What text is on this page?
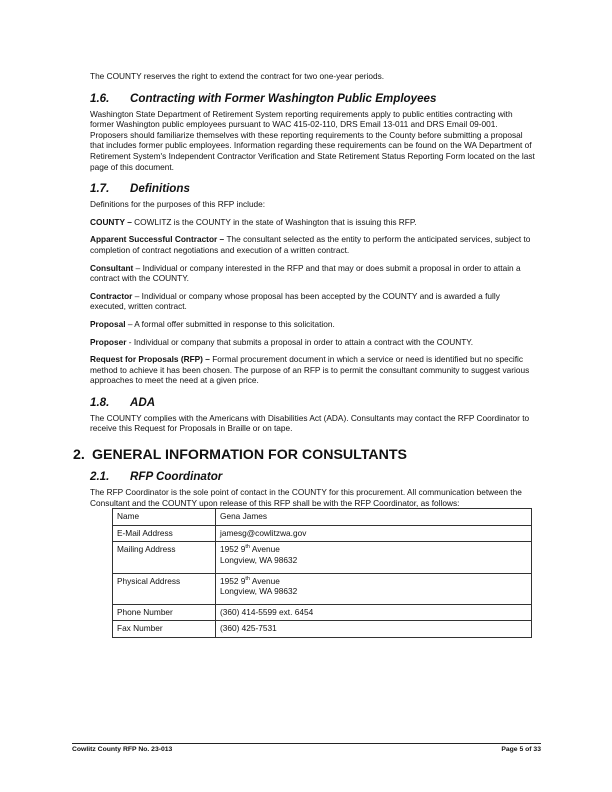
The COUNTY reserves the right to extend the contract for two one-year periods.

1.6.	Contracting with Former Washington Public Employees

Washington State Department of Retirement System reporting requirements apply to public entities contracting with former Washington public employees pursuant to WAC 415-02-110, DRS Email 13-011 and DRS Email 09-001. Proposers should familiarize themselves with these reporting requirements to the County before submitting a proposal that includes former public employees. Information regarding these requirements can be found on the WA Department of Retirement System's Independent Contractor Verification and State Retirement Status Reporting Form located on the last page of this document.

1.7.	Definitions

Definitions for the purposes of this RFP include:

COUNTY – COWLITZ is the COUNTY in the state of Washington that is issuing this RFP.

Apparent Successful Contractor – The consultant selected as the entity to perform the anticipated services, subject to completion of contract negotiations and execution of a written contract.

Consultant – Individual or company interested in the RFP and that may or does submit a proposal in order to attain a contract with the COUNTY.

Contractor – Individual or company whose proposal has been accepted by the COUNTY and is awarded a fully executed, written contract.

Proposal – A formal offer submitted in response to this solicitation.

Proposer - Individual or company that submits a proposal in order to attain a contract with the COUNTY.

Request for Proposals (RFP) – Formal procurement document in which a service or need is identified but no specific method to achieve it has been chosen. The purpose of an RFP is to permit the consultant community to suggest various approaches to meet the need at a given price.

1.8.	ADA

The COUNTY complies with the Americans with Disabilities Act (ADA). Consultants may contact the RFP Coordinator to receive this Request for Proposals in Braille or on tape.

2. GENERAL INFORMATION FOR CONSULTANTS
2.1.	RFP Coordinator

The RFP Coordinator is the sole point of contact in the COUNTY for this procurement. All communication between the Consultant and the COUNTY upon release of this RFP shall be with the RFP Coordinator, as follows:

Name	Gena James
E-Mail Address	jamesg@cowlitzwa.gov
Mailing Address	1952 9th Avenue
Longview, WA 98632
Physical Address	1952 9th Avenue
Longview, WA 98632
Phone Number	(360) 414-5599 ext. 6454
Fax Number	(360) 425-7531
Cowlitz County RFP No. 23-013	Page 5 of 33
